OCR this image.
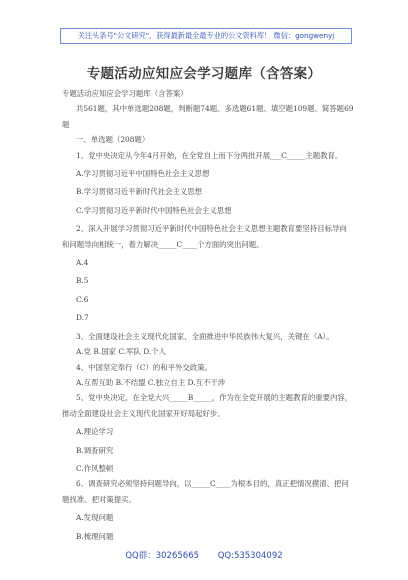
关注头条号"公文研究"，获得最新最全最专业的公文资料库！ 微信：gongwenyj
专题活动应知应会学习题库（含答案）

专题活动应知应会学习题库（含答案）

共561题，其中单选题208题，判断题74题、多选题61题、填空题109题、简答题69题

一、单选题（208题）

1、党中央决定从今年4月开始，在全党自上而下分两批开展___C_____主题教育。

A.学习贯彻习近平中国特色社会主义思想

B.学习贯彻习近平新时代社会主义思想

C.学习贯彻习近平新时代中国特色社会主义思想

2、深入开展学习贯彻习近平新时代中国特色社会主义思想主题教育要坚持目标导向和问题导向相统一，着力解决_____C____个方面的突出问题。

A.4

B.5

C.6

D.7

3、全面建设社会主义现代化国家、全面推进中华民族伟大复兴，关键在（A）。

A.党 B.国家 C.军队 D.个人

4、中国坚定奉行（C）的和平外交政策。

A.互帮互助 B.不结盟 C.独立自主 D.互不干涉

5、党中央决定，在全党大兴_____B_____，作为在全党开展的主题教育的重要内容，推动全面建设社会主义现代化国家开好局起好步。

A.理论学习

B.调查研究

C.作风整顿

6、调查研究必须坚持问题导向，以_____C____为根本目的，真正把情况摸清、把问题找准、把对策提实。

A.发现问题

B.梳理问题

QQ群：30265665 QQ:535304092
